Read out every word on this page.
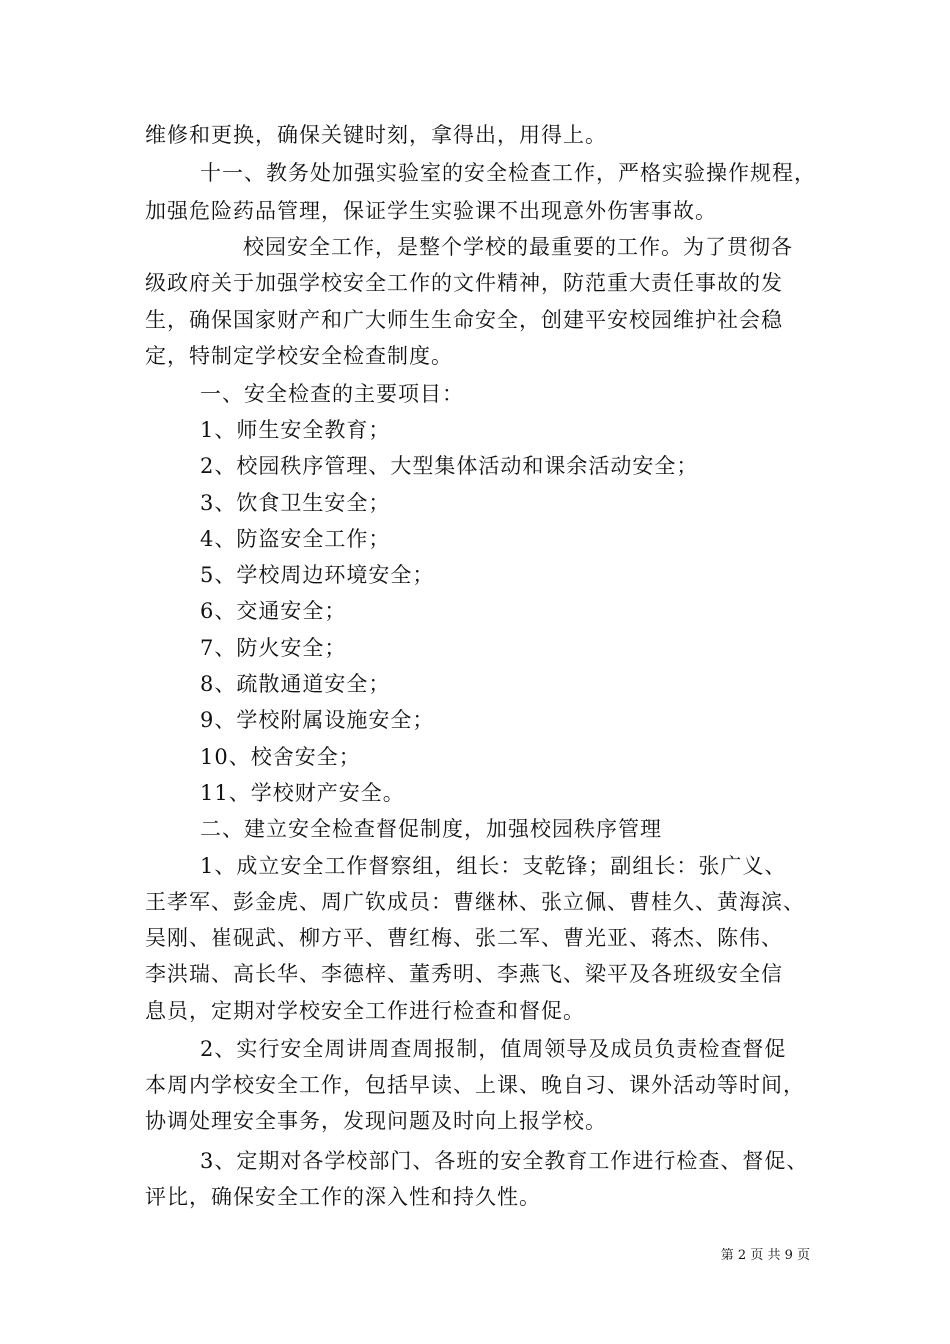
维修和更换，确保关键时刻，拿得出，用得上。
十一、教务处加强实验室的安全检查工作，严格实验操作规程，
加强危险药品管理，保证学生实验课不出现意外伤害事故。
校园安全工作，是整个学校的最重要的工作。为了贯彻各
级政府关于加强学校安全工作的文件精神，防范重大责任事故的发
生，确保国家财产和广大师生生命安全，创建平安校园维护社会稳
定，特制定学校安全检查制度。
一、安全检查的主要项目：
1、师生安全教育；
2、校园秩序管理、大型集体活动和课余活动安全；
3、饮食卫生安全；
4、防盗安全工作；
5、学校周边环境安全；
6、交通安全；
7、防火安全；
8、疏散通道安全；
9、学校附属设施安全；
10、校舍安全；
11、学校财产安全。
二、建立安全检查督促制度，加强校园秩序管理
1、成立安全工作督察组，组长：支乾锋；副组长：张广义、
王孝军、彭金虎、周广钦成员：曹继林、张立佩、曹桂久、黄海滨、
吴刚、崔砚武、柳方平、曹红梅、张二军、曹光亚、蒋杰、陈伟、
李洪瑞、高长华、李德梓、董秀明、李燕飞、梁平及各班级安全信
息员，定期对学校安全工作进行检查和督促。
2、实行安全周讲周查周报制，值周领导及成员负责检查督促
本周内学校安全工作，包括早读、上课、晚自习、课外活动等时间，
协调处理安全事务，发现问题及时向上报学校。
3、定期对各学校部门、各班的安全教育工作进行检查、督促、
评比，确保安全工作的深入性和持久性。
第 2 页 共 9 页
